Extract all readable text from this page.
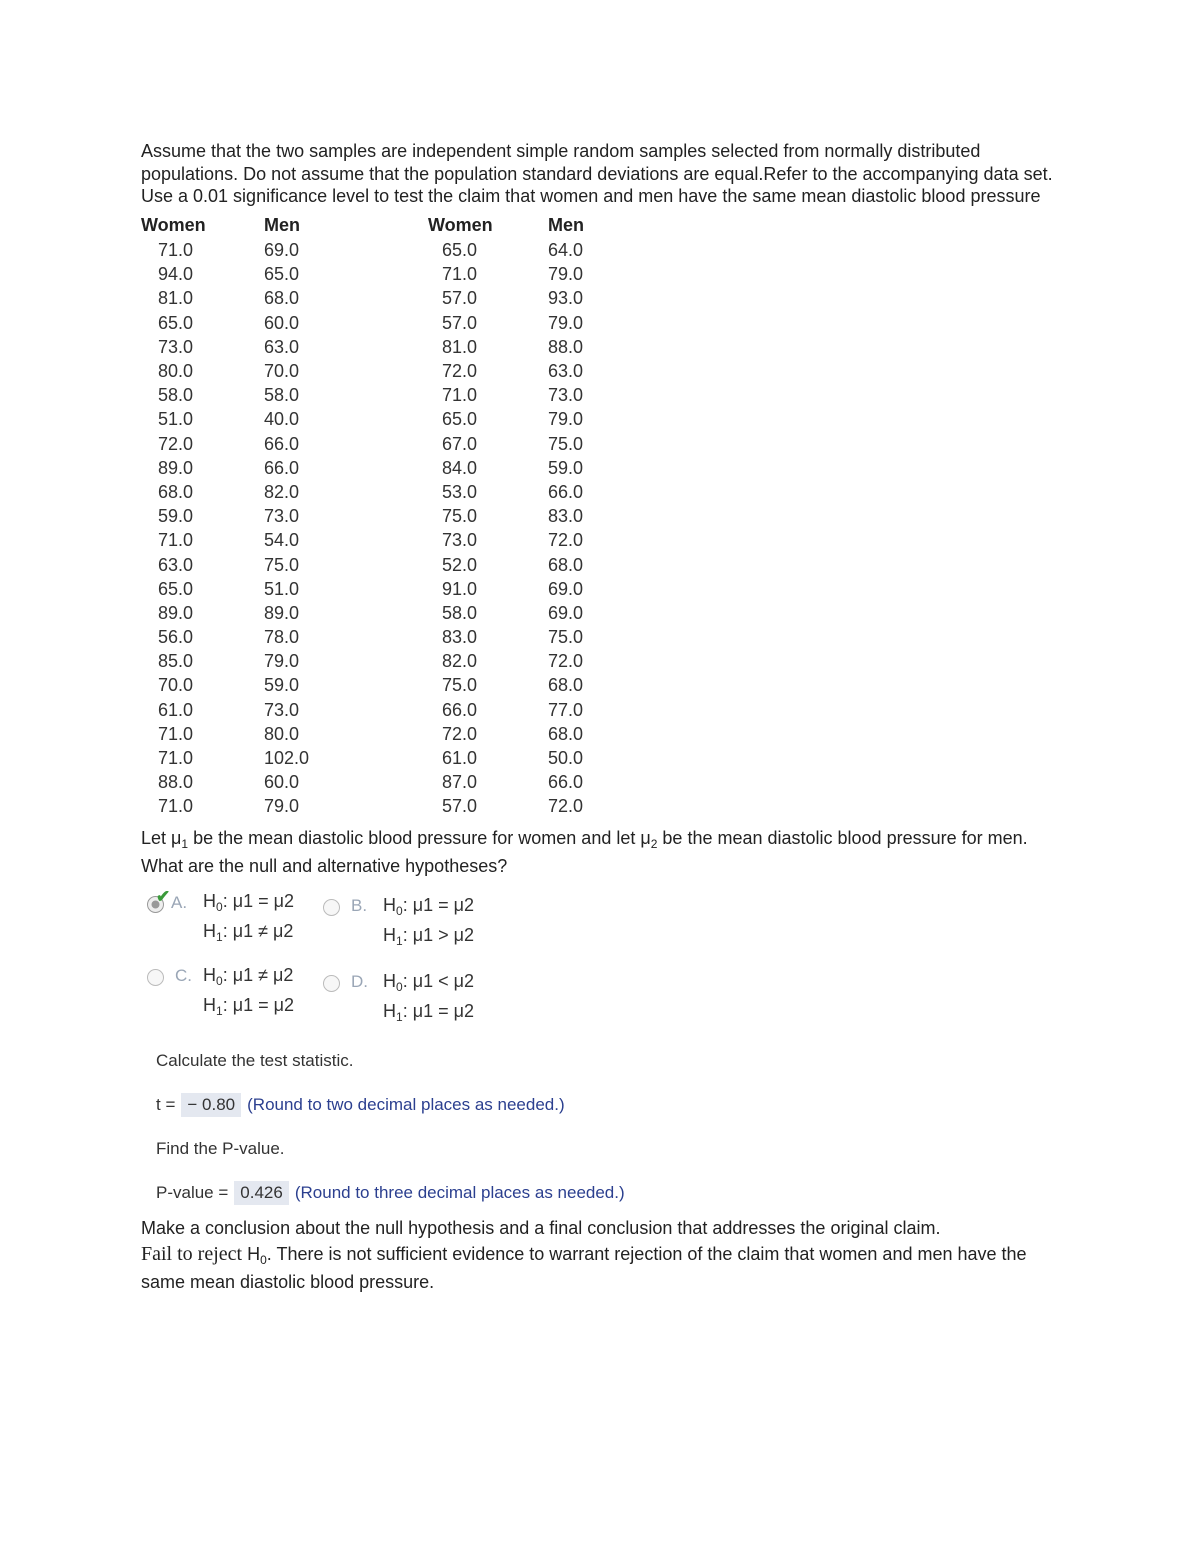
Assume that the two samples are independent simple random samples selected from normally distributed populations. Do not assume that the population standard deviations are equal.Refer to the accompanying data set. Use a 0.01 significance level to test the claim that women and men have the same mean diastolic blood pressure

Women	Men	Women	Men
71.0	69.0	65.0	64.0
94.0	65.0	71.0	79.0
81.0	68.0	57.0	93.0
65.0	60.0	57.0	79.0
73.0	63.0	81.0	88.0
80.0	70.0	72.0	63.0
58.0	58.0	71.0	73.0
51.0	40.0	65.0	79.0
72.0	66.0	67.0	75.0
89.0	66.0	84.0	59.0
68.0	82.0	53.0	66.0
59.0	73.0	75.0	83.0
71.0	54.0	73.0	72.0
63.0	75.0	52.0	68.0
65.0	51.0	91.0	69.0
89.0	89.0	58.0	69.0
56.0	78.0	83.0	75.0
85.0	79.0	82.0	72.0
70.0	59.0	75.0	68.0
61.0	73.0	66.0	77.0
71.0	80.0	72.0	68.0
71.0	102.0	61.0	50.0
88.0	60.0	87.0	66.0
71.0	79.0	57.0	72.0

Let $\mu_1$ be the mean diastolic blood pressure for women and let $\mu_2$ be the mean diastolic blood pressure for men. What are the null and alternative hypotheses?

✔ A. $H_0$: μ1 = μ2
$H_1$: μ1 ≠ μ2
B. $H_0$: μ1 = μ2
$H_1$: μ1 > μ2
C. $H_0$: μ1 ≠ μ2
$H_1$: μ1 = μ2
D. $H_0$: μ1 < μ2
$H_1$: μ1 = μ2

Calculate the test statistic.

t = − 0.80 (Round to two decimal places as needed.)

Find the P-value.

P-value = 0.426 (Round to three decimal places as needed.)

Make a conclusion about the null hypothesis and a final conclusion that addresses the original claim.

Fail to reject $H_0$. There is not sufficient evidence to warrant rejection of the claim that women and men have the same mean diastolic blood pressure.
